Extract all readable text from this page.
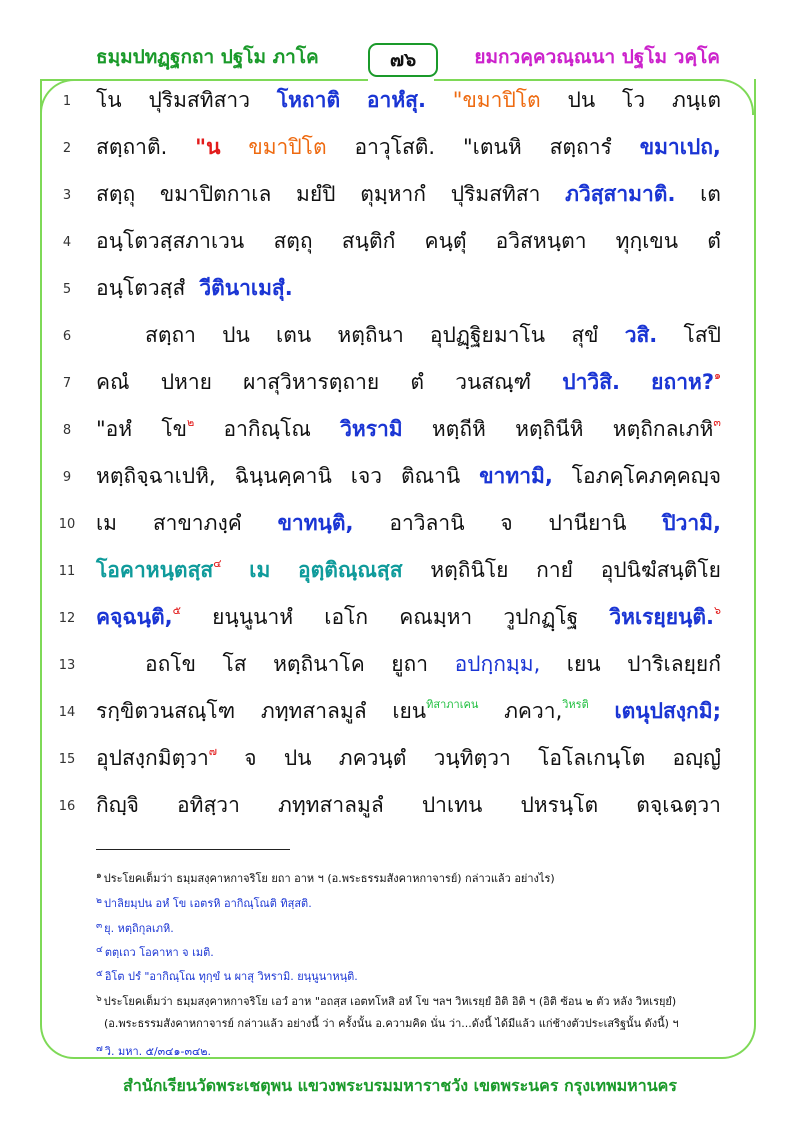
ธมฺมปทฏฺฐกถา ปฐโม ภาโค	๗๖	ยมกวคฺควณฺณนา ปฐโม วคฺโค
1
2
3
4
5
6
7
8
9
10
11
12
13
14
15
16
โน ปุริมสทิสาว โหถาติ อาหํสุ. "ขมาปิโต ปน โว ภนฺเต
สตฺถาติ. "น ขมาปิโต อาวุโสติ. "เตนหิ สตฺถารํ ขมาเปถ,
สตฺถุ ขมาปิตกาเล มยํปิ ตุมฺหากํ ปุริมสทิสา ภวิสฺสามาติ. เต
อนฺโตวสฺสภาเวน สตฺถุ สนฺติกํ คนฺตุํ อวิสหนฺตา ทุกฺเขน ตํ
อนฺโตวสฺสํ วีตินาเมสุํ.
สตฺถา ปน เตน หตฺถินา อุปฏฺฐิยมาโน สุขํ วสิ. โสปิ
คณํ ปหาย ผาสุวิหารตฺถาย ตํ วนสณฺฑํ ปาวิสิ. ยถาห?$^๑$
"อหํ โข$^๒$ อากิณฺโณ วิหรามิ หตฺถีหิ หตฺถินีหิ หตฺถิกลเภหิ$^๓$
หตฺถิจฺฉาเปหิ, ฉินฺนคฺคานิ เจว ติณานิ ขาทามิ, โอภคฺโคภคฺคญฺจ
เม สาขาภงฺคํ ขาทนฺติ, อาวิลานิ จ ปานียานิ ปิวามิ,
โอคาหนฺตสฺส$^๔$ เม อุตฺติณฺณสฺส หตฺถินิโย กายํ อุปนิฆํสนฺติโย
คจฺฉนฺติ,$^๕$ ยนฺนูนาหํ เอโก คณมฺหา วูปกฏฺโฐ วิหเรยฺยนฺติ.$^๖$
อถโข โส หตฺถินาโค ยูถา อปกฺกมฺม, เยน ปาริเลยฺยกํ
รกฺขิตวนสณฺโฑ ภทฺทสาลมูลํ เยน$^{ทิสาภาเคน}$ ภควา,$^{วิหรติ}$ เตนุปสงฺกมิ;
อุปสงฺกมิตฺวา$^๗$ จ ปน ภควนฺตํ วนฺทิตฺวา โอโลเกนฺโต อญฺญํ
กิญฺจิ อทิสฺวา ภทฺทสาลมูลํ ปาเทน ปหรนฺโต ตจฺเฉตฺวา
$^๑$ ประโยคเต็มว่า ธมฺมสงฺคาหกาจริโย ยถา อาห ฯ (อ.พระธรรมสังคาหกาจารย์) กล่าวแล้ว อย่างไร)
$^๒$ ปาลิยมฺปน อหํ โข เอตรหิ อากิณฺโณติ ทิสฺสติ.
$^๓$ ยุ. หตฺถิกุลเภหิ.
$^๔$ ตตฺเถว โอคาหา จ เมติ.
$^๕$ อิโต ปรํ "อากิณฺโณ ทุกฺขํ น ผาสุ วิหรามิ. ยนฺนูนาหนฺติ.
$^๖$ ประโยคเต็มว่า ธมฺมสงฺคาหกาจริโย เอวํ อาห "อถสฺส เอตทโหสิ อหํ โข ฯลฯ วิหเรยฺยํ อิติ อิติ ฯ (อิติ ซ้อน ๒ ตัว หลัง วิหเรยฺยํ)
(อ.พระธรรมสังคาหกาจารย์ กล่าวแล้ว อย่างนี้ ว่า ครั้งนั้น อ.ความคิด นั่น ว่า...ดังนี้ ได้มีแล้ว แก่ช้างตัวประเสริฐนั้น ดังนี้) ฯ
$^๗$ วิ. มหา. ๕/๓๔๑-๓๔๒.
สำนักเรียนวัดพระเชตุพน แขวงพระบรมมหาราชวัง เขตพระนคร กรุงเทพมหานคร
